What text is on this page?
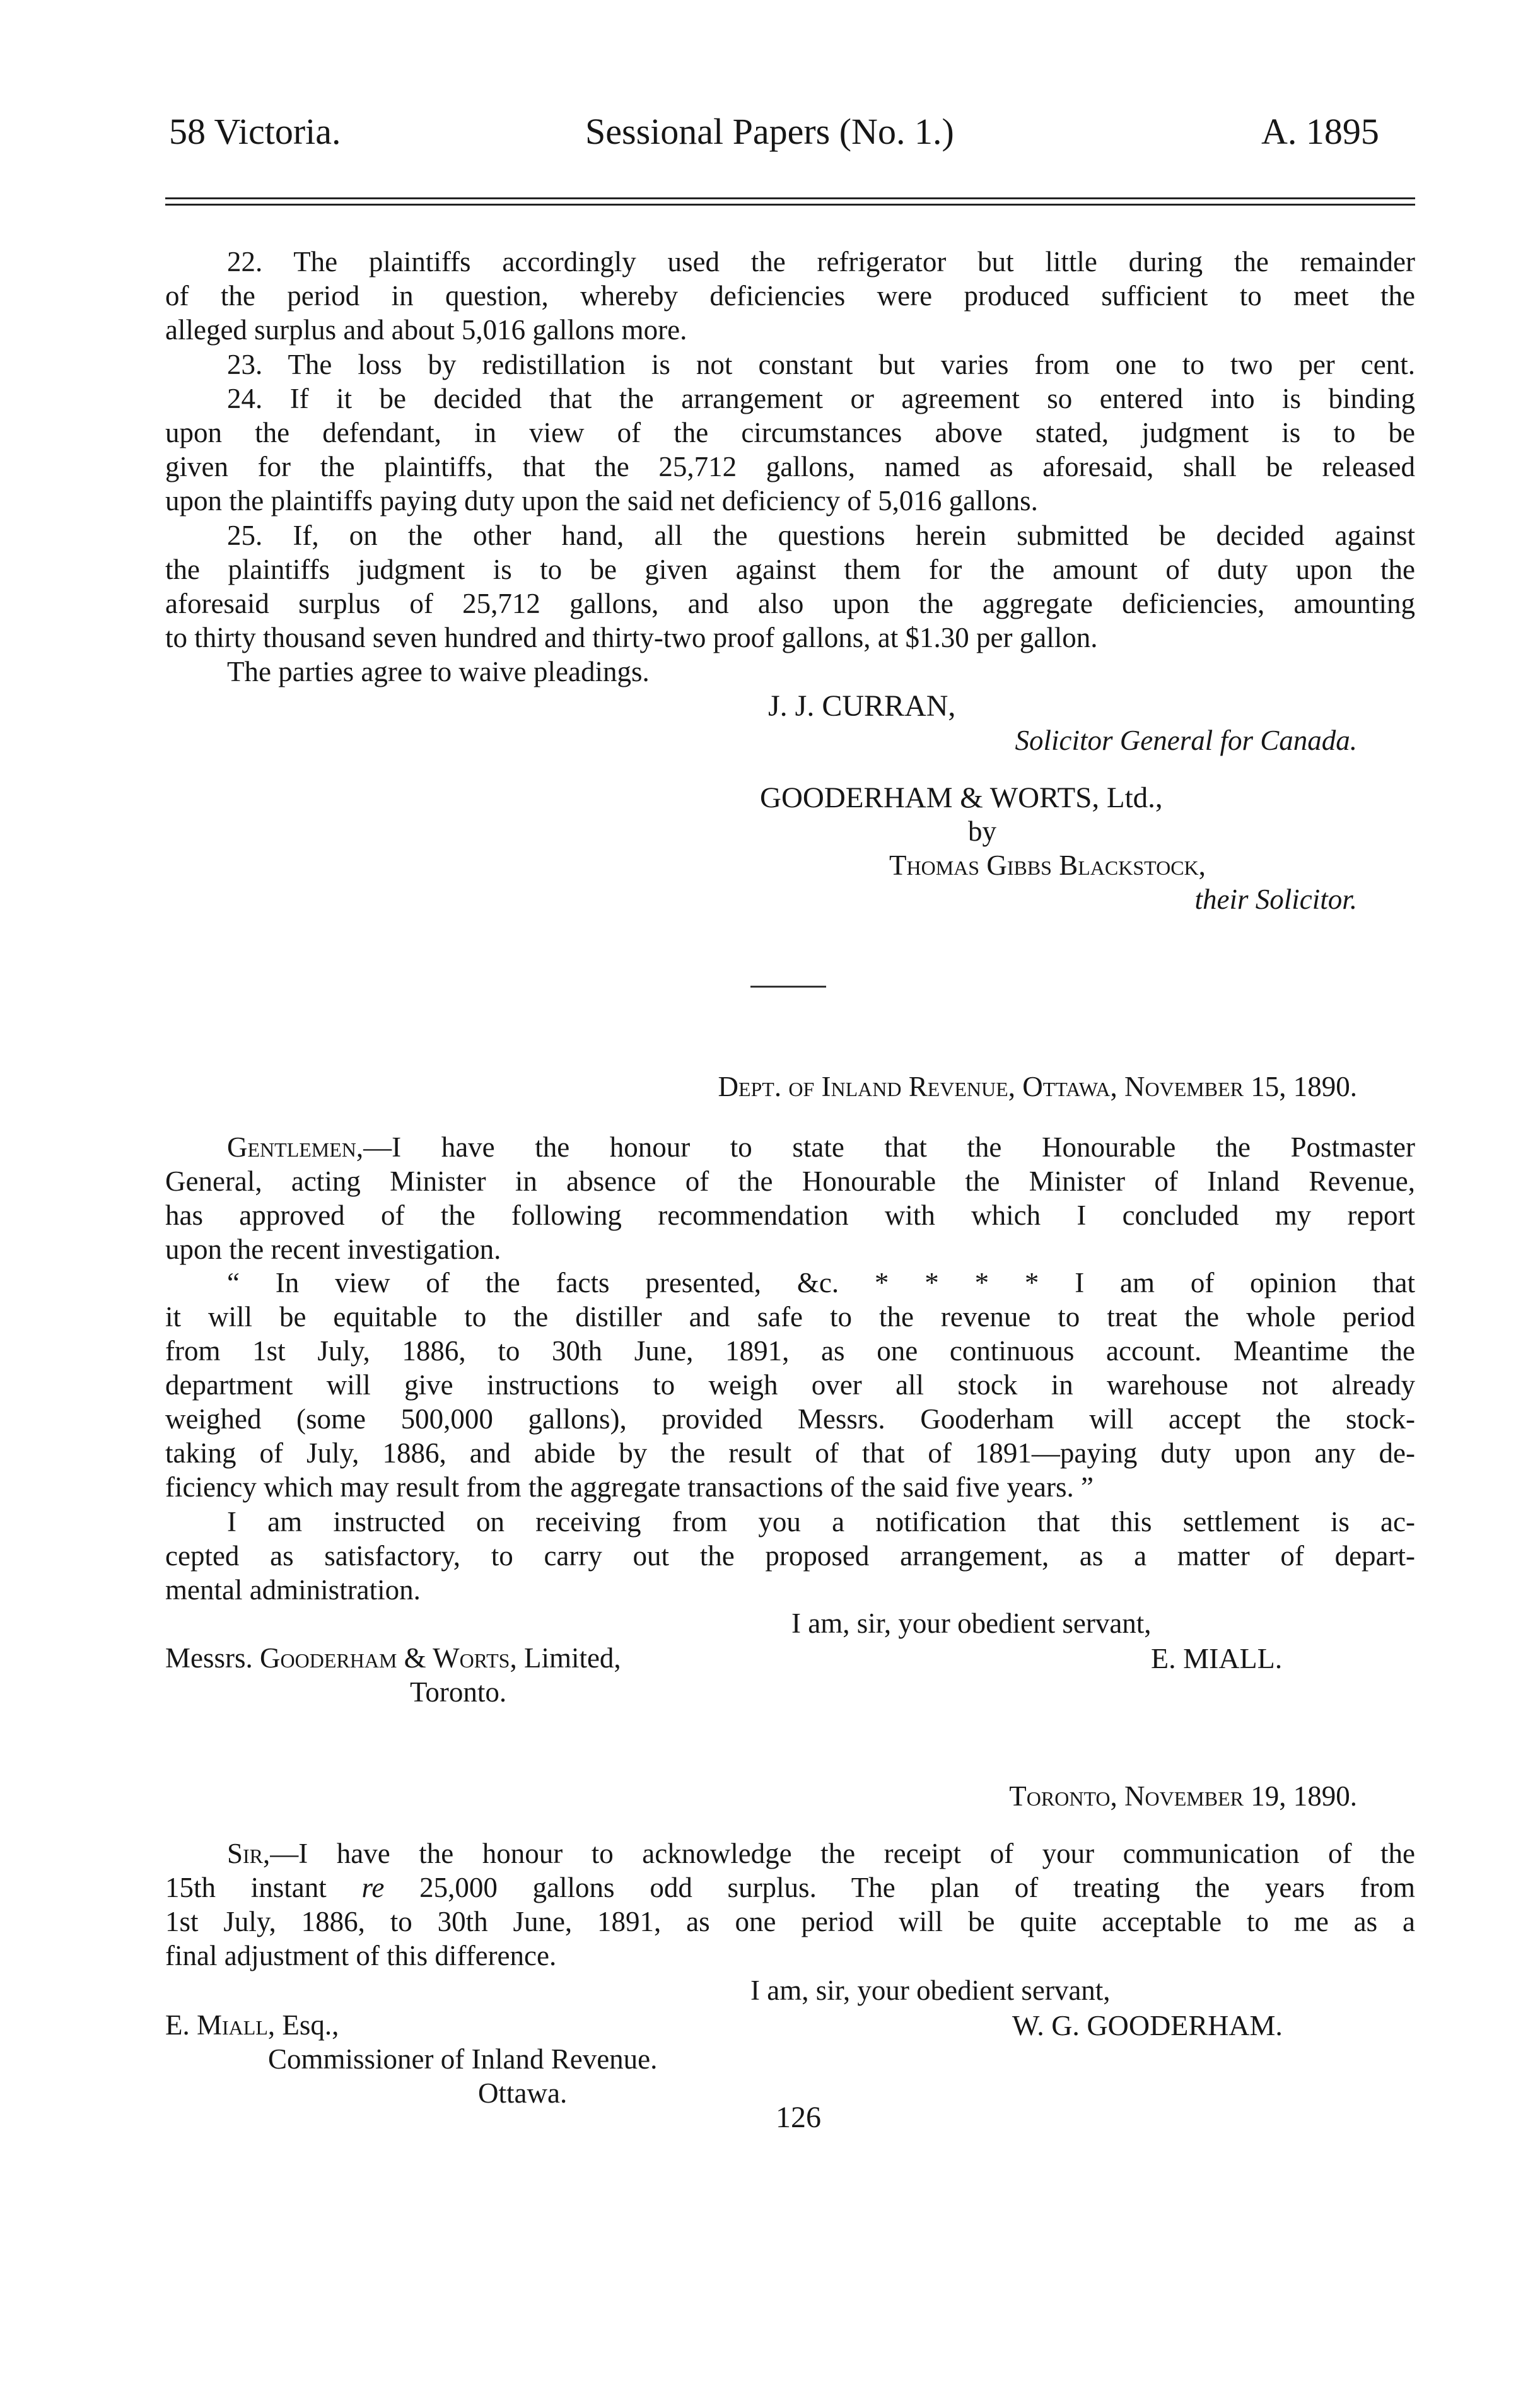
58 Victoria.	Sessional Papers (No. 1.)	A. 1895
22. The plaintiffs accordingly used the refrigerator but little during the remainder
of the period in question, whereby deficiencies were produced sufficient to meet the
alleged surplus and about 5,016 gallons more.
23. The loss by redistillation is not constant but varies from one to two per cent.
24. If it be decided that the arrangement or agreement so entered into is binding
upon the defendant, in view of the circumstances above stated, judgment is to be
given for the plaintiffs, that the 25,712 gallons, named as aforesaid, shall be released
upon the plaintiffs paying duty upon the said net deficiency of 5,016 gallons.
25. If, on the other hand, all the questions herein submitted be decided against
the plaintiffs judgment is to be given against them for the amount of duty upon the
aforesaid surplus of 25,712 gallons, and also upon the aggregate deficiencies, amounting
to thirty thousand seven hundred and thirty-two proof gallons, at $1.30 per gallon.
The parties agree to waive pleadings.
J. J. CURRAN,
Solicitor General for Canada.
GOODERHAM & WORTS, Ltd.,
by
Thomas Gibbs Blackstock,
their Solicitor.
Dept. of Inland Revenue, Ottawa, November 15, 1890.
Gentlemen,—I have the honour to state that the Honourable the Postmaster
General, acting Minister in absence of the Honourable the Minister of Inland Revenue,
has approved of the following recommendation with which I concluded my report
upon the recent investigation.
“ In view of the facts presented, &c. * * * * I am of opinion that
it will be equitable to the distiller and safe to the revenue to treat the whole period
from 1st July, 1886, to 30th June, 1891, as one continuous account. Meantime the
department will give instructions to weigh over all stock in warehouse not already
weighed (some 500,000 gallons), provided Messrs. Gooderham will accept the stock-
taking of July, 1886, and abide by the result of that of 1891—paying duty upon any de-
ficiency which may result from the aggregate transactions of the said five years. ”
I am instructed on receiving from you a notification that this settlement is ac-
cepted as satisfactory, to carry out the proposed arrangement, as a matter of depart-
mental administration.
I am, sir, your obedient servant,
Messrs. Gooderham & Worts, Limited,	E. MIALL.
Toronto.
Toronto, November 19, 1890.
Sir,—I have the honour to acknowledge the receipt of your communication of the
15th instant re 25,000 gallons odd surplus. The plan of treating the years from
1st July, 1886, to 30th June, 1891, as one period will be quite acceptable to me as a
final adjustment of this difference.
I am, sir, your obedient servant,
E. Miall, Esq.,	W. G. GOODERHAM.
Commissioner of Inland Revenue.
Ottawa.
126
